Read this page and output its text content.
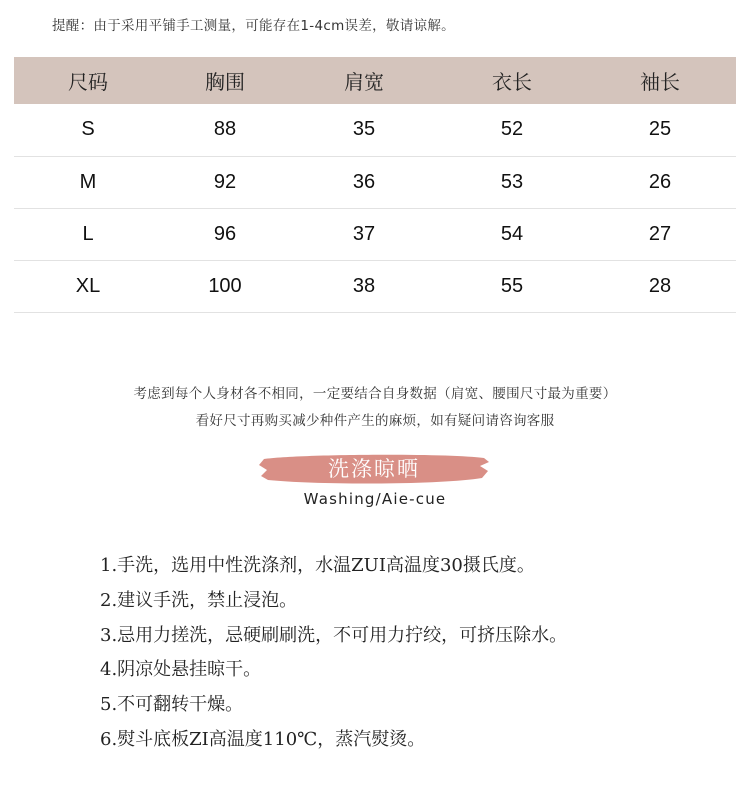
提醒：由于采用平铺手工测量，可能存在1-4cm误差，敬请谅解。
尺码	胸围	肩宽	衣长	袖长
S	88	35	52	25
M	92	36	53	26
L	96	37	54	27
XL	100	38	55	28
考虑到每个人身材各不相同，一定要结合自身数据（肩宽、腰围尺寸最为重要）
看好尺寸再购买减少种件产生的麻烦，如有疑问请咨询客服
洗涤晾晒
Washing/Aie-cue
1.手洗，选用中性洗涤剂，水温ZUI高温度30摄氏度。
2.建议手洗，禁止浸泡。
3.忌用力搓洗，忌硬刷刷洗，不可用力拧绞，可挤压除水。
4.阴凉处悬挂晾干。
5.不可翻转干燥。
6.熨斗底板ZI高温度110℃，蒸汽熨烫。
